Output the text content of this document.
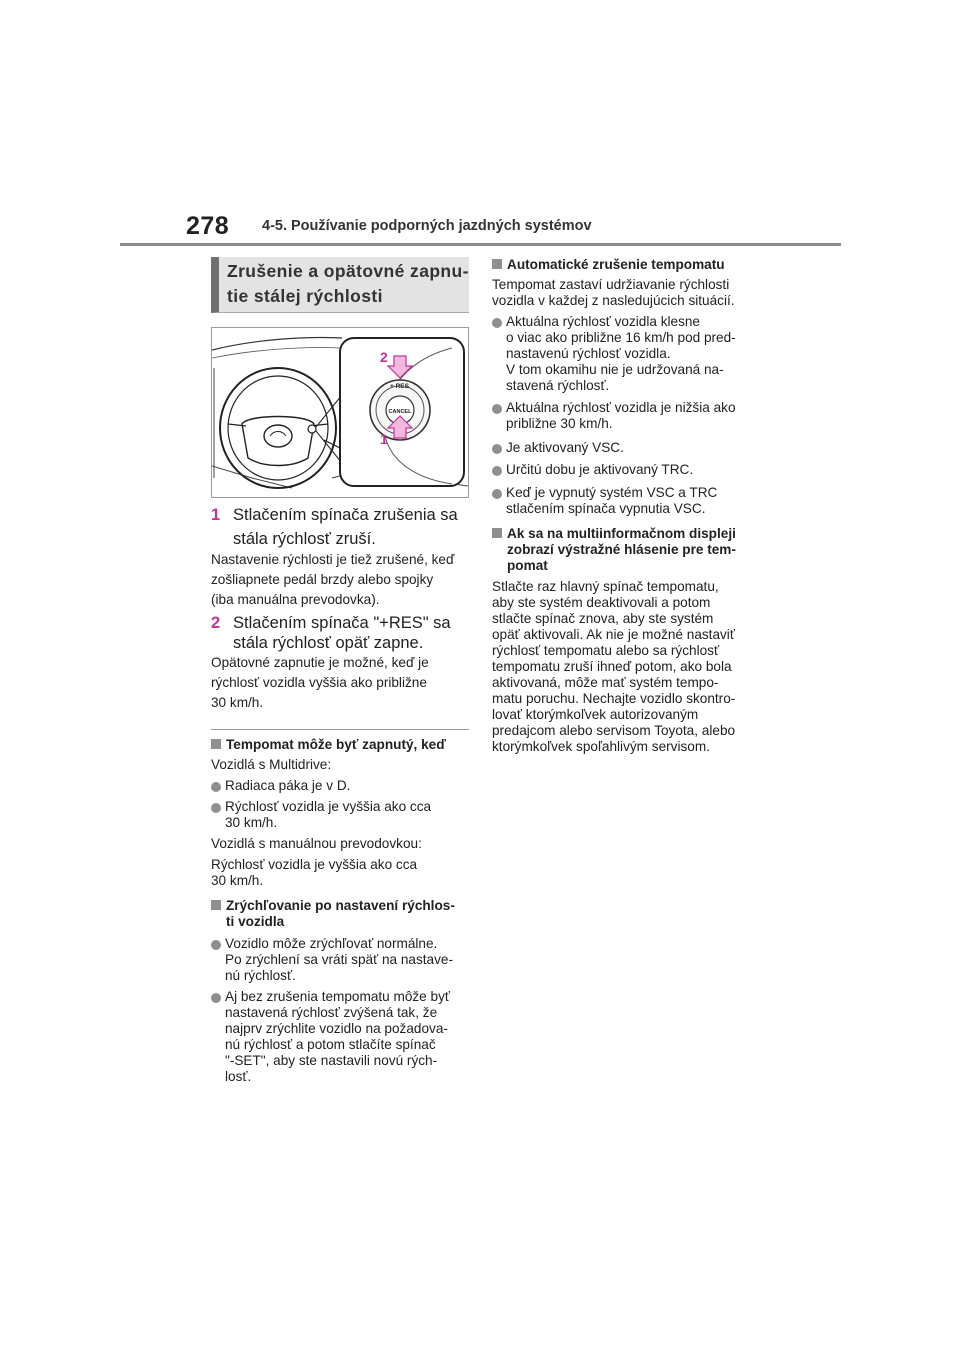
278 4-5. Používanie podporných jazdných systémov
Zrušenie a opätovné zapnu-
tie stálej rýchlosti
+ RES
CANCEL
2
1
1 Stlačením spínača zrušenia sa
stála rýchlosť zruší.
Nastavenie rýchlosti je tiež zrušené, keď
zošliapnete pedál brzdy alebo spojky
(iba manuálna prevodovka).
2 Stlačením spínača "+RES" sa
stála rýchlosť opäť zapne.
Opätovné zapnutie je možné, keď je
rýchlosť vozidla vyššia ako približne
30 km/h.
Tempomat môže byť zapnutý, keď
Vozidlá s Multidrive:
Radiaca páka je v D.
Rýchlosť vozidla je vyššia ako cca
30 km/h.
Vozidlá s manuálnou prevodovkou:
Rýchlosť vozidla je vyššia ako cca
30 km/h.
Zrýchľovanie po nastavení rýchlos-
ti vozidla
Vozidlo môže zrýchľovať normálne.
Po zrýchlení sa vráti späť na nastave-
nú rýchlosť.
Aj bez zrušenia tempomatu môže byť
nastavená rýchlosť zvýšená tak, že
najprv zrýchlite vozidlo na požadova-
nú rýchlosť a potom stlačíte spínač
"-SET", aby ste nastavili novú rých-
losť.
Automatické zrušenie tempomatu
Tempomat zastaví udržiavanie rýchlosti
vozidla v každej z nasledujúcich situácií.
Aktuálna rýchlosť vozidla klesne
o viac ako približne 16 km/h pod pred-
nastavenú rýchlosť vozidla.
V tom okamihu nie je udržovaná na-
stavená rýchlosť.
Aktuálna rýchlosť vozidla je nižšia ako
približne 30 km/h.
Je aktivovaný VSC.
Určitú dobu je aktivovaný TRC.
Keď je vypnutý systém VSC a TRC
stlačením spínača vypnutia VSC.
Ak sa na multiinformačnom displeji
zobrazí výstražné hlásenie pre tem-
pomat
Stlačte raz hlavný spínač tempomatu,
aby ste systém deaktivovali a potom
stlačte spínač znova, aby ste systém
opäť aktivovali. Ak nie je možné nastaviť
rýchlosť tempomatu alebo sa rýchlosť
tempomatu zruší ihneď potom, ako bola
aktivovaná, môže mať systém tempo-
matu poruchu. Nechajte vozidlo skontro-
lovať ktorýmkoľvek autorizovaným
predajcom alebo servisom Toyota, alebo
ktorýmkoľvek spoľahlivým servisom.
